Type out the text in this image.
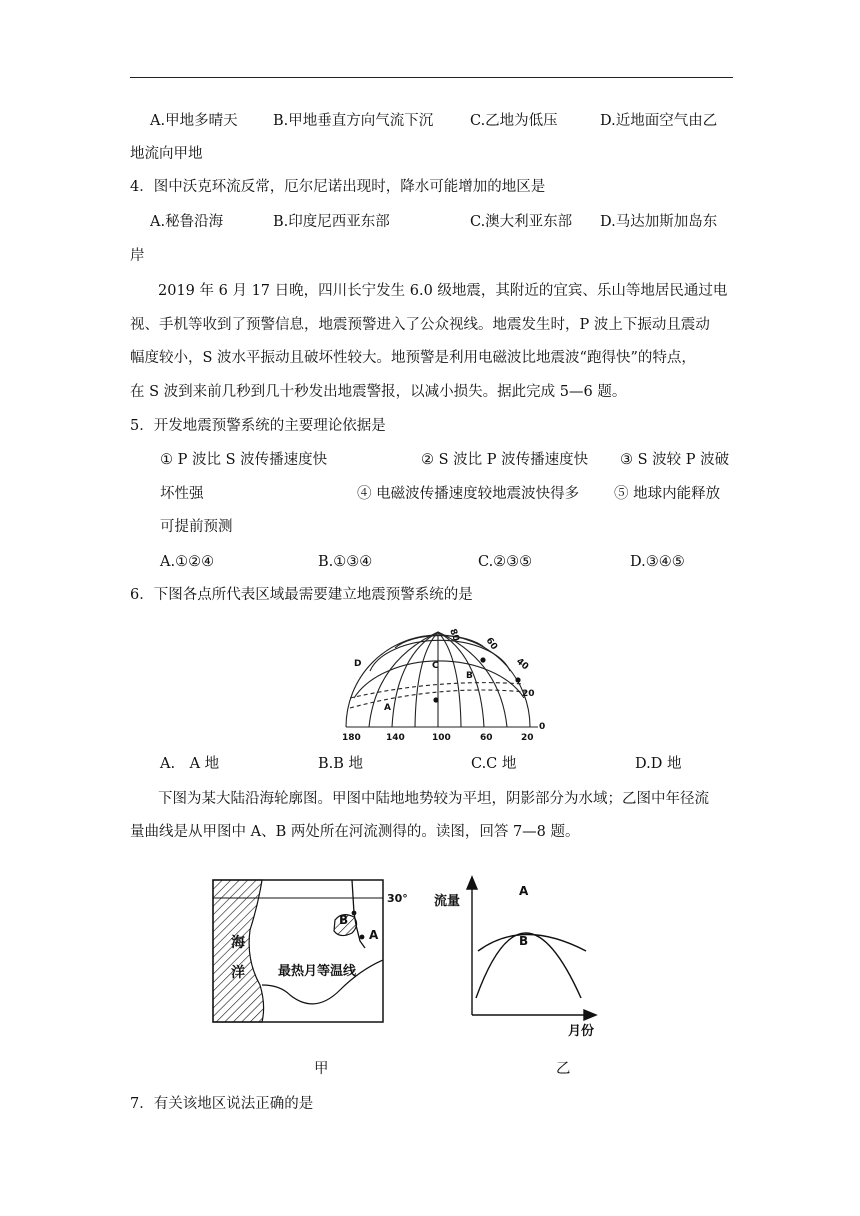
A.甲地多晴天 B.甲地垂直方向气流下沉	C.乙地为低压	D.近地面空气由乙
地流向甲地
4．图中沃克环流反常，厄尔尼诺出现时，降水可能增加的地区是
A.秘鲁沿海	B.印度尼西亚东部	C.澳大利亚东部 D.马达加斯加岛东
岸
2019 年 6 月 17 日晚，四川长宁发生 6.0 级地震，其附近的宜宾、乐山等地居民通过电
视、手机等收到了预警信息，地震预警进入了公众视线。地震发生时，P 波上下振动且震动
幅度较小，S 波水平振动且破坏性较大。地预警是利用电磁波比地震波“跑得快”的特点，
在 S 波到来前几秒到几十秒发出地震警报，以减小损失。据此完成 5—6 题。
5．开发地震预警系统的主要理论依据是
① P 波比 S 波传播速度快	② S 波比 P 波传播速度快 ③ S 波较 P 波破
坏性强	④ 电磁波传播速度较地震波快得多 ⑤ 地球内能释放
可提前预测
A.①②④	B.①③④	C.②③⑤	D.③④⑤
6．下图各点所代表区域最需要建立地震预警系统的是
A
B
C
D
80
60
40
20
0
180	140	100	60	20
A.　A 地	B.B 地	C.C 地	D.D 地
下图为某大陆沿海轮廓图。甲图中陆地地势较为平坦，阴影部分为水域；乙图中年径流
量曲线是从甲图中 A、B 两处所在河流测得的。读图，回答 7—8 题。
30°
B
A
海
洋	最热月等温线
流量
月份
A
B
甲	乙
7．有关该地区说法正确的是
